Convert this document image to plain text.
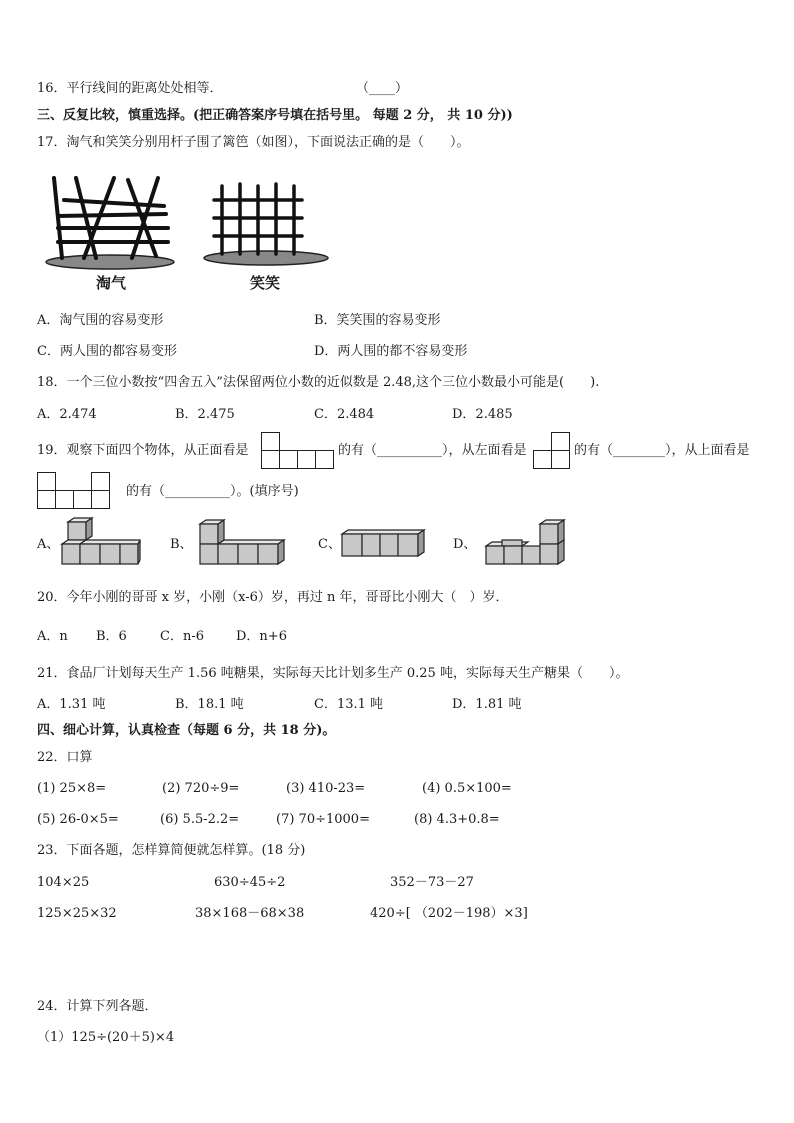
16．平行线间的距离处处相等．	（____）
三、反复比较，慎重选择。(把正确答案序号填在括号里。 每题 2 分， 共 10 分))
17．淘气和笑笑分别用杆子围了篱笆（如图），下面说法正确的是（　　）。
淘气	笑笑
A．淘气围的容易变形	B．笑笑围的容易变形
C．两人围的都容易变形	D．两人围的都不容易变形
18．一个三位小数按“四舍五入”法保留两位小数的近似数是 2.48,这个三位小数最小可能是(　　).
A．2.474	B．2.475	C．2.484	D．2.485
19．观察下面四个物体，从正面看是	的有（__________），从左面看是	的有（________），从上面看是
的有（__________）。(填序号)
A、	B、	C、	D、
20．今年小刚的哥哥 x 岁，小刚（x-6）岁，再过 n 年，哥哥比小刚大（　）岁．
A．n B．6	C．n-6 D．n+6
21．食品厂计划每天生产 1.56 吨糖果，实际每天比计划多生产 0.25 吨，实际每天生产糖果（　　）。
A．1.31 吨	B．18.1 吨	C．13.1 吨	D．1.81 吨
四、细心计算，认真检查（每题 6 分，共 18 分)。
22．口算
(1) 25×8=	(2) 720÷9=	(3) 410-23=	(4) 0.5×100=
(5) 26-0×5=	(6) 5.5-2.2=	(7) 70÷1000=	(8) 4.3+0.8=
23．下面各题，怎样算简便就怎样算。(18 分)
104×25	630÷45÷2	352－73－27
125×25×32	38×168－68×38	420÷[ （202－198）×3]
24．计算下列各题．
（1）125÷(20＋5)×4
